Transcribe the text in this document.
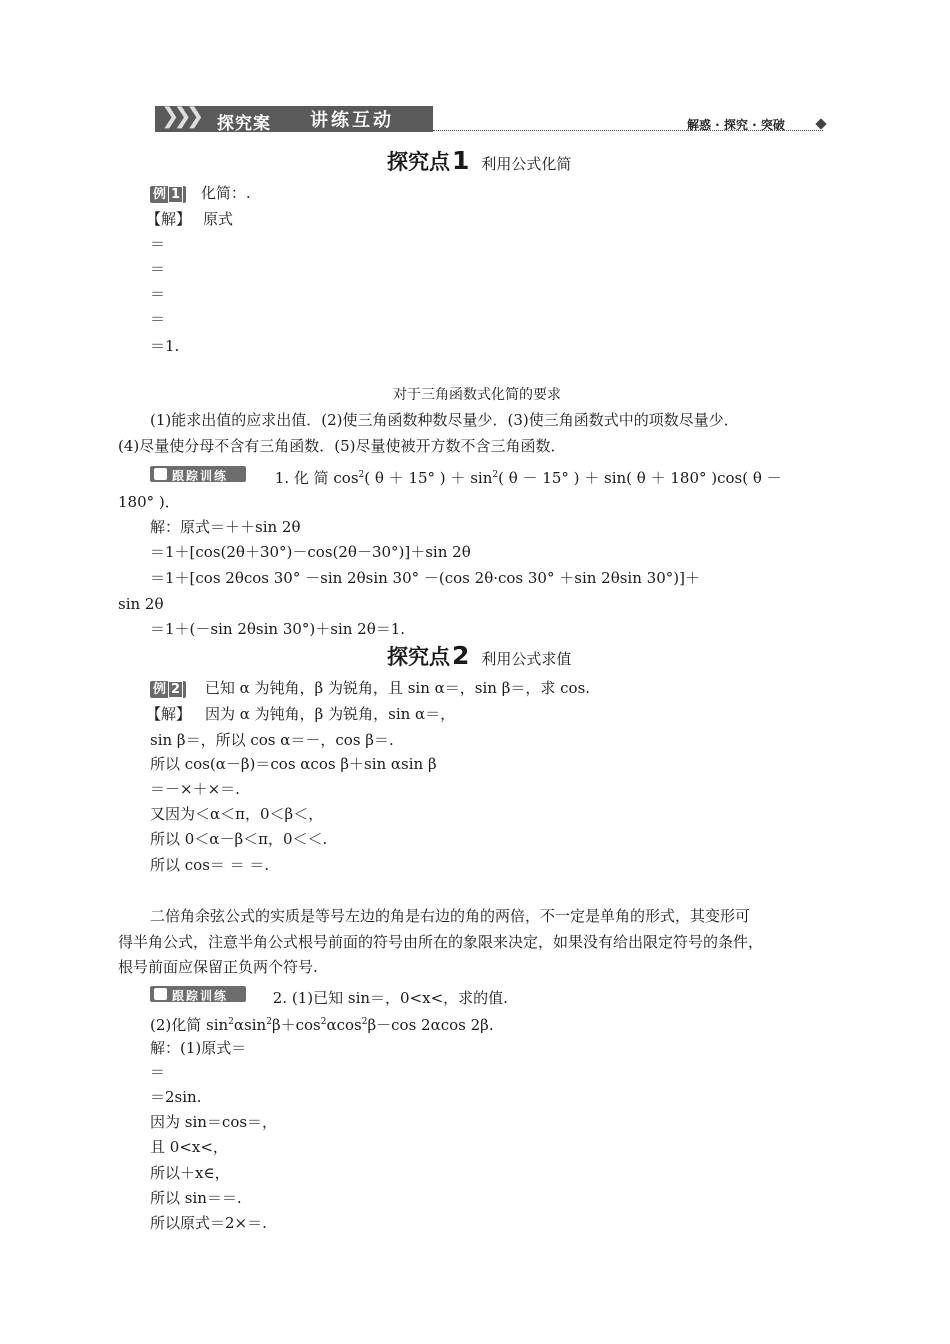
❯❯❯ 探究案 讲练互动	解惑 · 探究 · 突破
探究点1 利用公式化简
例 1 化简：.
【解】 原式
＝
＝
＝
＝
＝1.
对于三角函数式化简的要求
(1)能求出值的应求出值．(2)使三角函数种数尽量少．(3)使三角函数式中的项数尽量少．
(4)尽量使分母不含有三角函数．(5)尽量使被开方数不含三角函数．
跟踪训练	1. 化 简 $\cos^2$( θ ＋ 15° ) ＋ $\sin^2$( θ － 15° ) ＋ sin( θ ＋ 180° )cos( θ －
180° )．
解：原式＝＋＋sin 2θ
＝1＋[cos(2θ＋30°)－cos(2θ－30°)]＋sin 2θ
＝1＋[cos 2θcos 30° －sin 2θsin 30° －(cos 2θ·cos 30° ＋sin 2θsin 30°)]＋
sin 2θ
＝1＋(－sin 2θsin 30°)＋sin 2θ＝1.
探究点2 利用公式求值
例 2 已知 α 为钝角，β 为锐角，且 sin α＝，sin β＝，求 cos.
【解】 因为 α 为钝角，β 为锐角，sin α＝，
sin β＝，所以 cos α＝－，cos β＝.
所以 cos(α－β)＝cos αcos β＋sin αsin β
＝－×＋×＝.
又因为＜α＜π，0＜β＜，
所以 0＜α－β＜π，0＜＜.
所以 cos＝ ＝ ＝.
二倍角余弦公式的实质是等号左边的角是右边的角的两倍，不一定是单角的形式，其变形可
得半角公式，注意半角公式根号前面的符号由所在的象限来决定，如果没有给出限定符号的条件，
根号前面应保留正负两个符号.
跟踪训练	2. (1)已知 sin＝，0<x<，求的值.
(2)化简 $\sin^2\alpha\sin^2\beta+\cos^2\alpha\cos^2\beta-\cos$ 2αcos 2β.
解：(1)原式＝
＝
＝2sin.
因为 sin＝cos＝，
且 0<x<，
所以＋x∈，
所以 sin＝＝.
所以原式＝2×＝.
